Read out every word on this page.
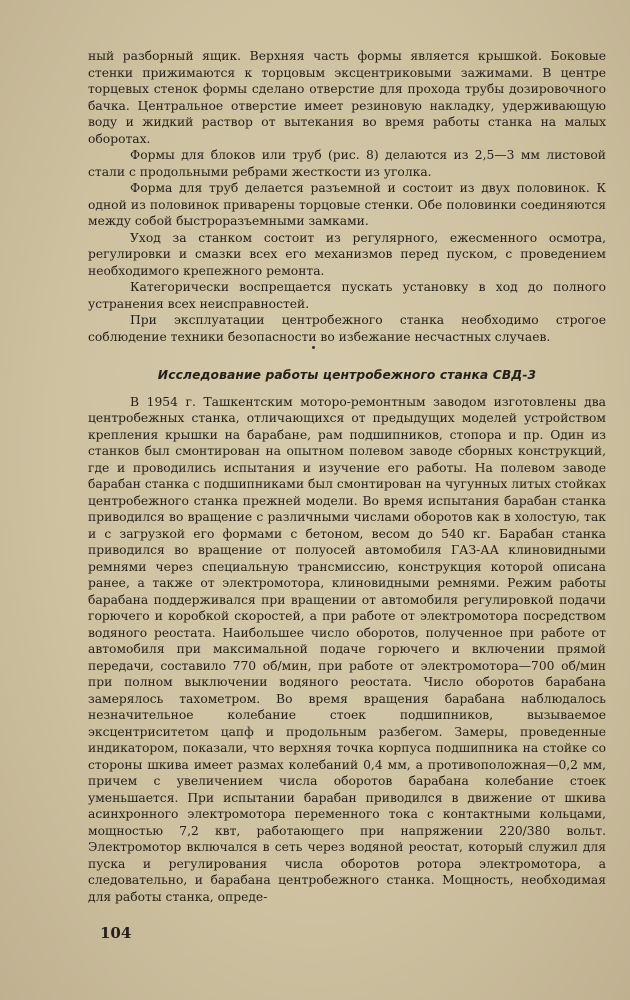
ный разборный ящик. Верхняя часть формы является крышкой. Боковые стенки прижимаются к торцовым эксцентриковыми зажимами. В центре торцевых стенок формы сделано отверстие для прохода трубы дозировочного бачка. Центральное отверстие имеет резиновую накладку, удерживающую воду и жидкий раствор от вытекания во время работы станка на малых оборотах.

Формы для блоков или труб (рис. 8) делаются из 2,5—3 мм листовой стали с продольными ребрами жесткости из уголка.

Форма для труб делается разъемной и состоит из двух половинок. К одной из половинок приварены торцовые стенки. Обе половинки соединяются между собой быстроразъемными замками.

Уход за станком состоит из регулярного, ежесменного осмотра, регулировки и смазки всех его механизмов перед пуском, с проведением необходимого крепежного ремонта.

Категорически воспрещается пускать установку в ход до полного устранения всех неисправностей.

При эксплуатации центробежного станка необходимо строгое соблюдение техники безопасности во избежание несчастных случаев.

Исследование работы центробежного станка СВД-3

В 1954 г. Ташкентским моторо-ремонтным заводом изготовлены два центробежных станка, отличающихся от предыдущих моделей устройством крепления крышки на барабане, рам подшипников, стопора и пр. Один из станков был смонтирован на опытном полевом заводе сборных конструкций, где и проводились испытания и изучение его работы. На полевом заводе барабан станка с подшипниками был смонтирован на чугунных литых стойках центробежного станка прежней модели. Во время испытания барабан станка приводился во вращение с различными числами оборотов как в холостую, так и с загрузкой его формами с бетоном, весом до 540 кг. Барабан станка приводился во вращение от полуосей автомобиля ГАЗ-АА клиновидными ремнями через специальную трансмиссию, конструкция которой описана ранее, а также от электромотора, клиновидными ремнями. Режим работы барабана поддерживался при вращении от автомобиля регулировкой подачи горючего и коробкой скоростей, а при работе от электромотора посредством водяного реостата. Наибольшее число оборотов, полученное при работе от автомобиля при максимальной подаче горючего и включении прямой передачи, составило 770 об/мин, при работе от электромотора—700 об/мин при полном выключении водяного реостата. Число оборотов барабана замерялось тахометром. Во время вращения барабана наблюдалось незначительное колебание стоек подшипников, вызываемое эксцентриситетом цапф и продольным разбегом. Замеры, проведенные индикатором, показали, что верхняя точка корпуса подшипника на стойке со стороны шкива имеет размах колебаний 0,4 мм, а противоположная—0,2 мм, причем с увеличением числа оборотов барабана колебание стоек уменьшается. При испытании барабан приводился в движение от шкива асинхронного электромотора переменного тока с контактными кольцами, мощностью 7,2 квт, работающего при напряжении 220/380 вольт. Электромотор включался в сеть через водяной реостат, который служил для пуска и регулирования числа оборотов ротора электромотора, а следовательно, и барабана центробежного станка. Мощность, необходимая для работы станка, опреде-

104
